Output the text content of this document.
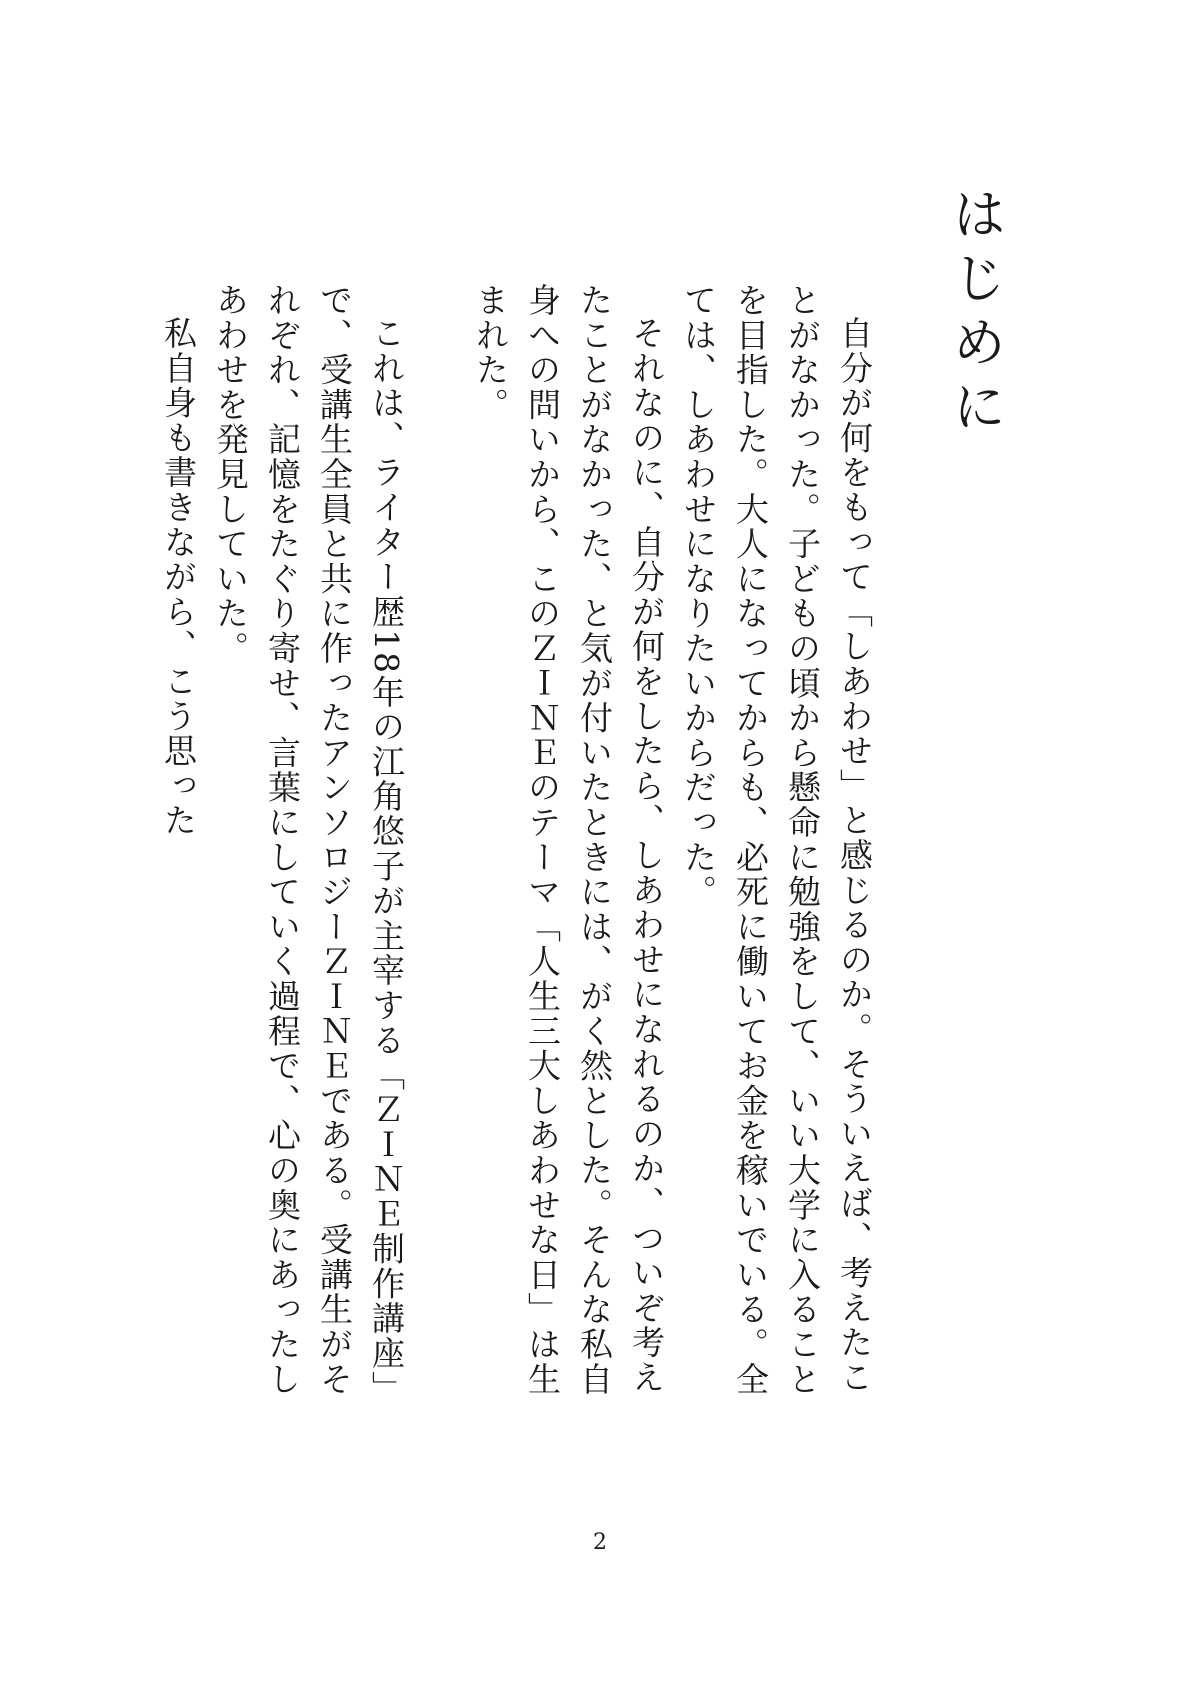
はじめに

自分が何をもって「しあわせ」と感じるのか。そういえば、考えたことがなかった。子どもの頃から懸命に勉強をして、いい大学に入ることを目指した。大人になってからも、必死に働いてお金を稼いでいる。全ては、しあわせになりたいからだった。

それなのに、自分が何をしたら、しあわせになれるのか、ついぞ考えたことがなかった、と気が付いたときには、がく然とした。そんな私自身への問いから、このＺＩＮＥのテーマ「人生三大しあわせな日」は生まれた。

これは、ライター歴18年の江角悠子が主宰する「ＺＩＮＥ制作講座」で、受講生全員と共に作ったアンソロジーＺＩＮＥである。受講生がそれぞれ、記憶をたぐり寄せ、言葉にしていく過程で、心の奥にあったしあわせを発見していた。

私自身も書きながら、こう思った

2
